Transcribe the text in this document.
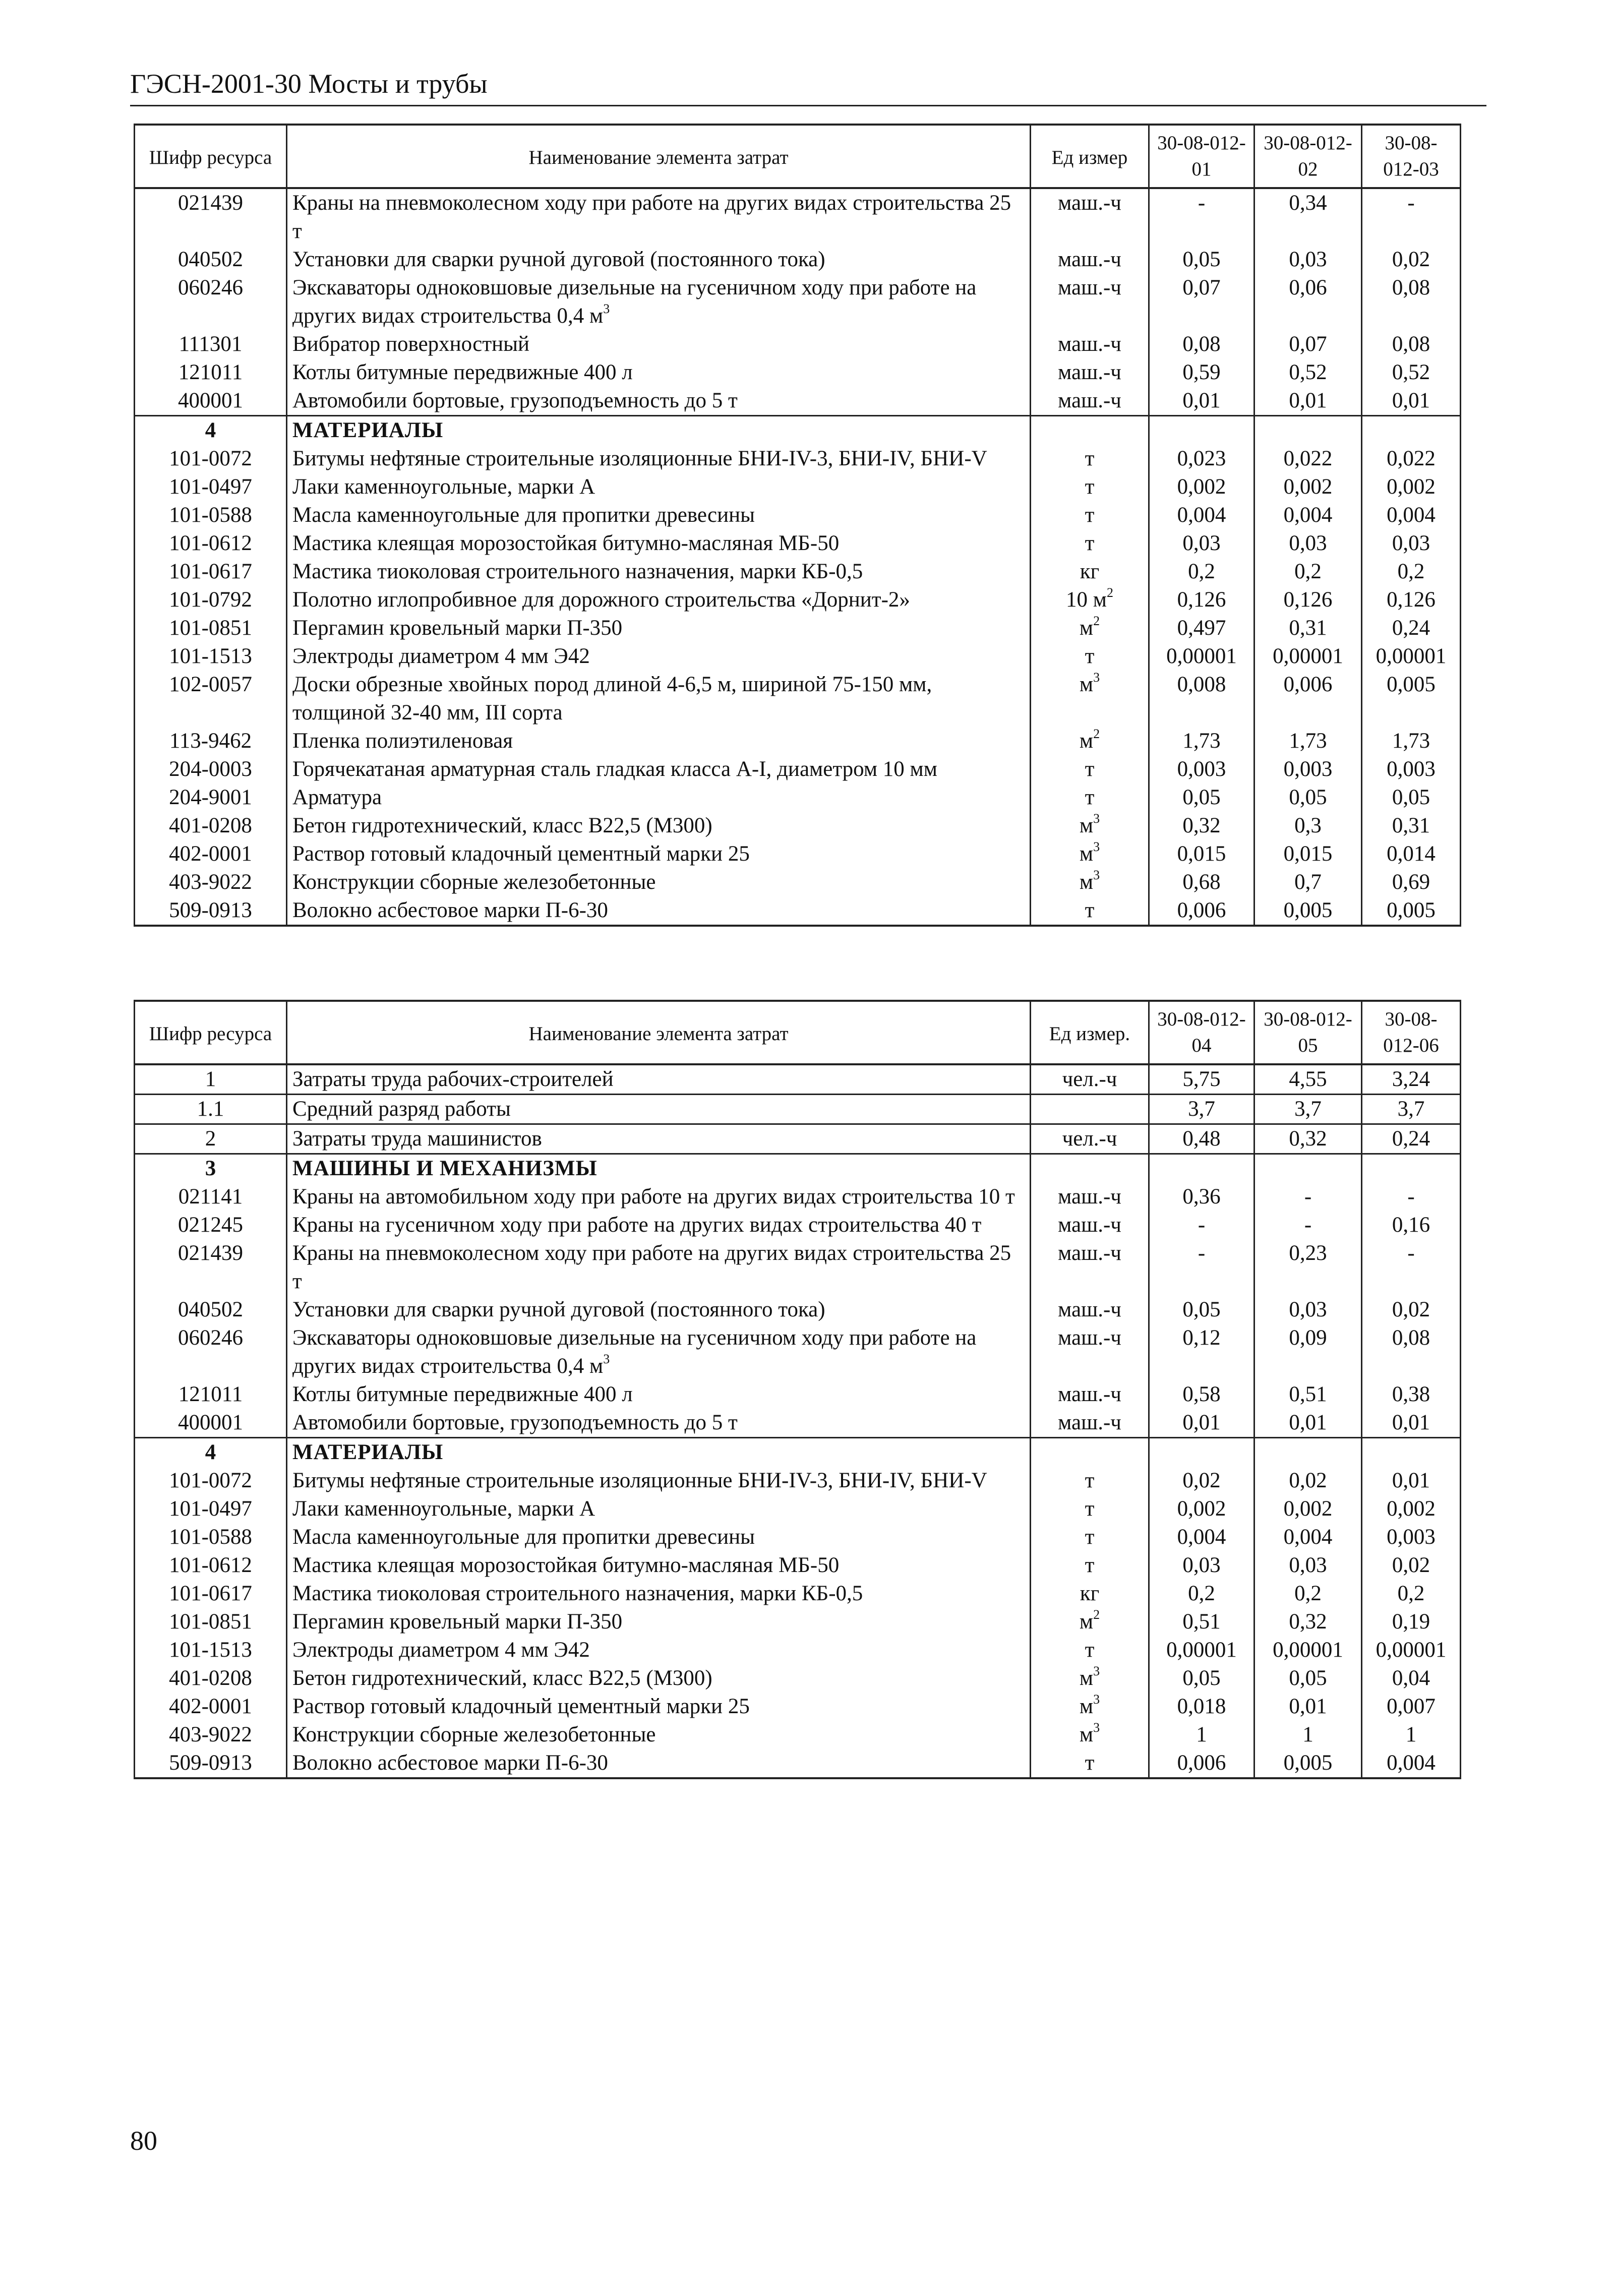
ГЭСН-2001-30 Мосты и трубы
Шифр ресурса	Наименование элемента затрат	Ед измер	30-08-012-01	30-08-012-02	30-08-012-03
021439	Краны на пневмоколесном ходу при работе на других видах строительства 25 т	маш.-ч	-	0,34	-
040502	Установки для сварки ручной дуговой (постоянного тока)	маш.-ч	0,05	0,03	0,02
060246	Экскаваторы одноковшовые дизельные на гусеничном ходу при работе на других видах строительства 0,4 $м^3$	маш.-ч	0,07	0,06	0,08
111301	Вибратор поверхностный	маш.-ч	0,08	0,07	0,08
121011	Котлы битумные передвижные 400 л	маш.-ч	0,59	0,52	0,52
400001	Автомобили бортовые, грузоподъемность до 5 т	маш.-ч	0,01	0,01	0,01
4	МАТЕРИАЛЫ				
101-0072	Битумы нефтяные строительные изоляционные БНИ-IV-3, БНИ-IV, БНИ-V	т	0,023	0,022	0,022
101-0497	Лаки каменноугольные, марки А	т	0,002	0,002	0,002
101-0588	Масла каменноугольные для пропитки древесины	т	0,004	0,004	0,004
101-0612	Мастика клеящая морозостойкая битумно-масляная МБ-50	т	0,03	0,03	0,03
101-0617	Мастика тиоколовая строительного назначения, марки КБ-0,5	кг	0,2	0,2	0,2
101-0792	Полотно иглопробивное для дорожного строительства «Дорнит-2»	10 $м^2$	0,126	0,126	0,126
101-0851	Пергамин кровельный марки П-350	$м^2$	0,497	0,31	0,24
101-1513	Электроды диаметром 4 мм Э42	т	0,00001	0,00001	0,00001
102-0057	Доски обрезные хвойных пород длиной 4-6,5 м, шириной 75-150 мм, толщиной 32-40 мм, III сорта	$м^3$	0,008	0,006	0,005
113-9462	Пленка полиэтиленовая	$м^2$	1,73	1,73	1,73
204-0003	Горячекатаная арматурная сталь гладкая класса А-I, диаметром 10 мм	т	0,003	0,003	0,003
204-9001	Арматура	т	0,05	0,05	0,05
401-0208	Бетон гидротехнический, класс В22,5 (М300)	$м^3$	0,32	0,3	0,31
402-0001	Раствор готовый кладочный цементный марки 25	$м^3$	0,015	0,015	0,014
403-9022	Конструкции сборные железобетонные	$м^3$	0,68	0,7	0,69
509-0913	Волокно асбестовое марки П-6-30	т	0,006	0,005	0,005
Шифр ресурса	Наименование элемента затрат	Ед измер.	30-08-012-04	30-08-012-05	30-08-012-06
1	Затраты труда рабочих-строителей	чел.-ч	5,75	4,55	3,24
1.1	Средний разряд работы		3,7	3,7	3,7
2	Затраты труда машинистов	чел.-ч	0,48	0,32	0,24
3	МАШИНЫ И МЕХАНИЗМЫ				
021141	Краны на автомобильном ходу при работе на других видах строительства 10 т	маш.-ч	0,36	-	-
021245	Краны на гусеничном ходу при работе на других видах строительства 40 т	маш.-ч	-	-	0,16
021439	Краны на пневмоколесном ходу при работе на других видах строительства 25 т	маш.-ч	-	0,23	-
040502	Установки для сварки ручной дуговой (постоянного тока)	маш.-ч	0,05	0,03	0,02
060246	Экскаваторы одноковшовые дизельные на гусеничном ходу при работе на других видах строительства 0,4 $м^3$	маш.-ч	0,12	0,09	0,08
121011	Котлы битумные передвижные 400 л	маш.-ч	0,58	0,51	0,38
400001	Автомобили бортовые, грузоподъемность до 5 т	маш.-ч	0,01	0,01	0,01
4	МАТЕРИАЛЫ				
101-0072	Битумы нефтяные строительные изоляционные БНИ-IV-3, БНИ-IV, БНИ-V	т	0,02	0,02	0,01
101-0497	Лаки каменноугольные, марки А	т	0,002	0,002	0,002
101-0588	Масла каменноугольные для пропитки древесины	т	0,004	0,004	0,003
101-0612	Мастика клеящая морозостойкая битумно-масляная МБ-50	т	0,03	0,03	0,02
101-0617	Мастика тиоколовая строительного назначения, марки КБ-0,5	кг	0,2	0,2	0,2
101-0851	Пергамин кровельный марки П-350	$м^2$	0,51	0,32	0,19
101-1513	Электроды диаметром 4 мм Э42	т	0,00001	0,00001	0,00001
401-0208	Бетон гидротехнический, класс В22,5 (М300)	$м^3$	0,05	0,05	0,04
402-0001	Раствор готовый кладочный цементный марки 25	$м^3$	0,018	0,01	0,007
403-9022	Конструкции сборные железобетонные	$м^3$	1	1	1
509-0913	Волокно асбестовое марки П-6-30	т	0,006	0,005	0,004
80
